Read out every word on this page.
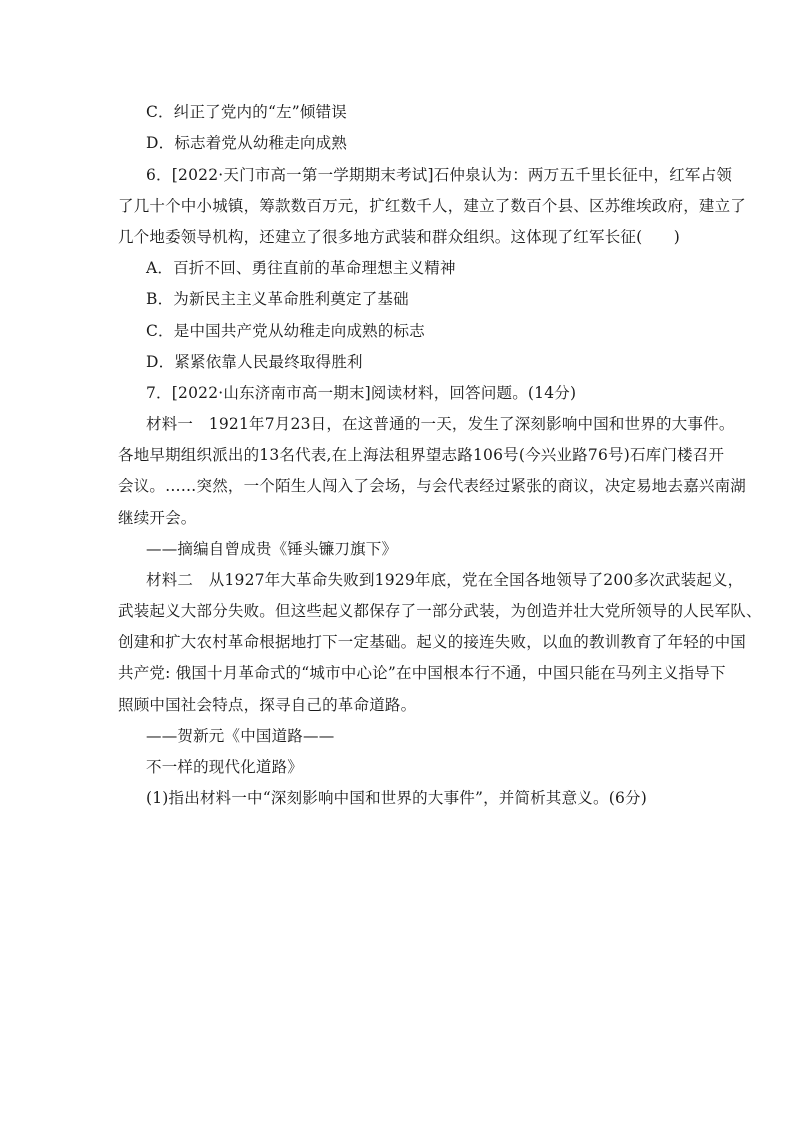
C．纠正了党内的“左”倾错误
D．标志着党从幼稚走向成熟
6．[2022·天门市高一第一学期期末考试]石仲泉认为：两万五千里长征中，红军占领
了几十个中小城镇，筹款数百万元，扩红数千人，建立了数百个县、区苏维埃政府，建立了
几个地委领导机构，还建立了很多地方武装和群众组织。这体现了红军长征(　　)
A．百折不回、勇往直前的革命理想主义精神
B．为新民主主义革命胜利奠定了基础
C．是中国共产党从幼稚走向成熟的标志
D．紧紧依靠人民最终取得胜利
7．[2022·山东济南市高一期末]阅读材料，回答问题。(14分)
材料一　1921年7月23日，在这普通的一天，发生了深刻影响中国和世界的大事件。
各地早期组织派出的13名代表,在上海法租界望志路106号(今兴业路76号)石库门楼召开
会议。……突然，一个陌生人闯入了会场，与会代表经过紧张的商议，决定易地去嘉兴南湖
继续开会。
——摘编自曾成贵《锤头镰刀旗下》
材料二　从1927年大革命失败到1929年底，党在全国各地领导了200多次武装起义，
武装起义大部分失败。但这些起义都保存了一部分武装，为创造并壮大党所领导的人民军队、
创建和扩大农村革命根据地打下一定基础。起义的接连失败，以血的教训教育了年轻的中国
共产党: 俄国十月革命式的“城市中心论”在中国根本行不通，中国只能在马列主义指导下
照顾中国社会特点，探寻自己的革命道路。
——贺新元《中国道路——
不一样的现代化道路》
(1)指出材料一中“深刻影响中国和世界的大事件”，并简析其意义。(6分)
